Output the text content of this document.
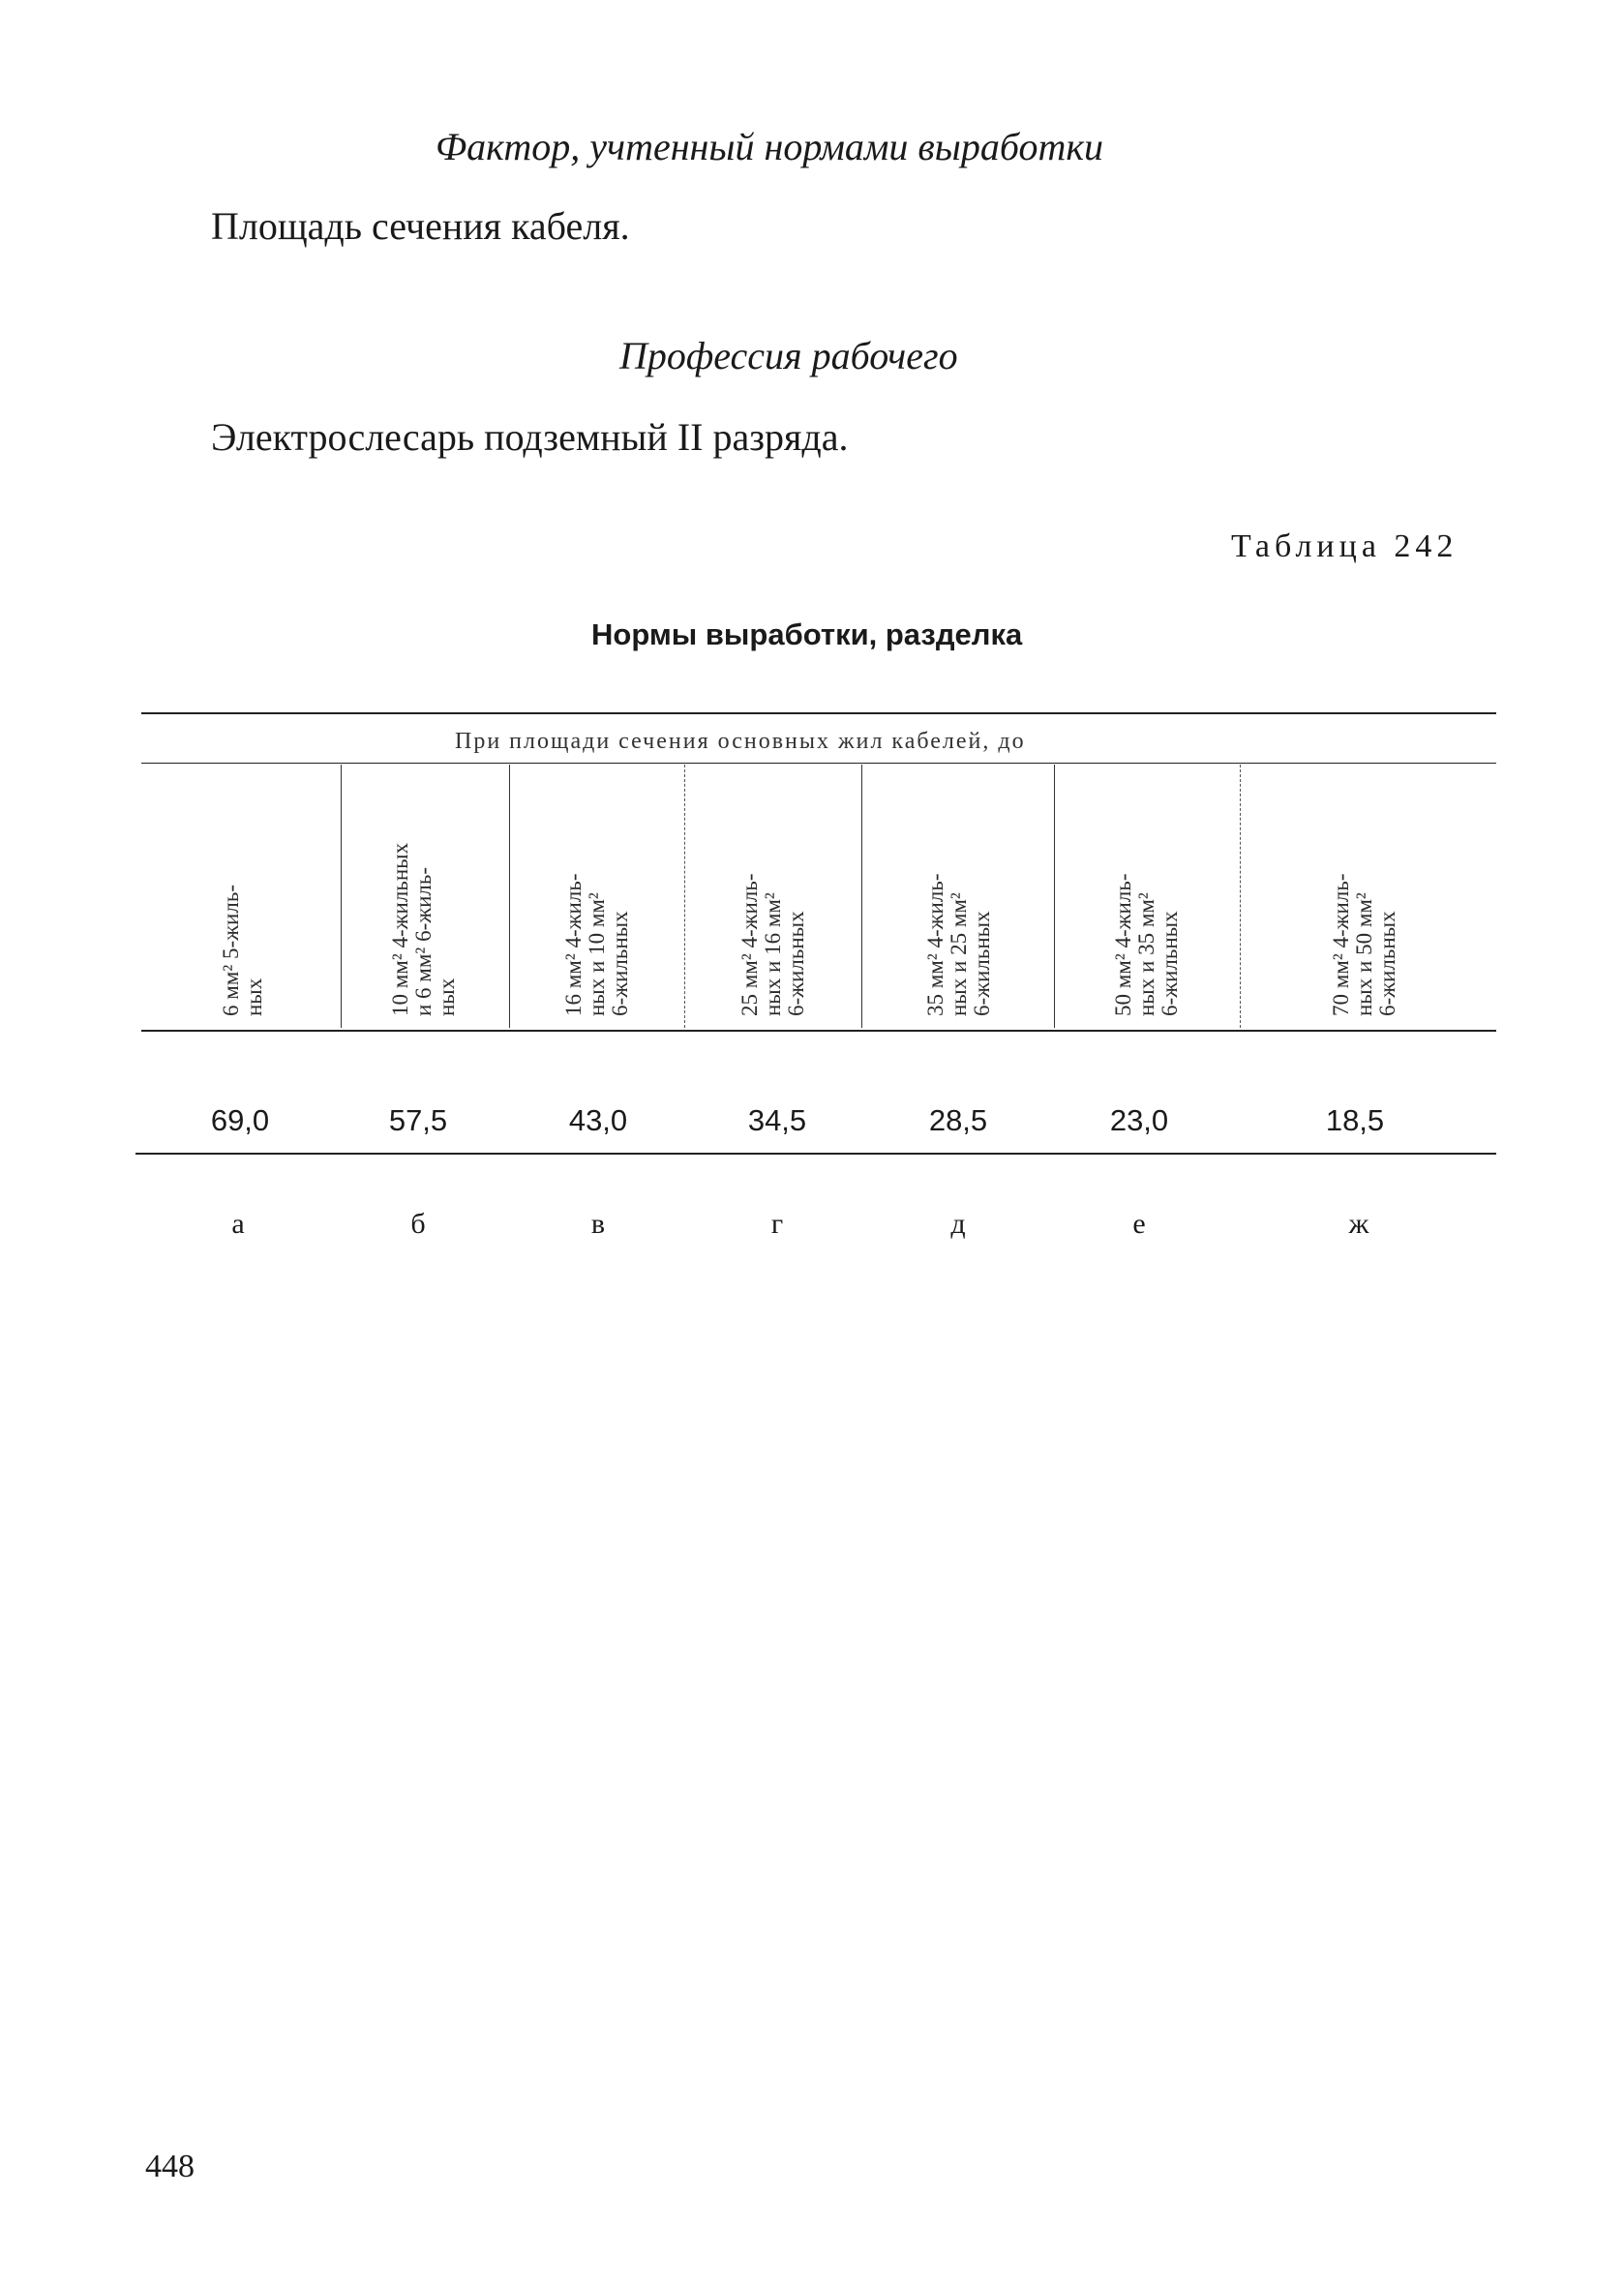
Фактор, учтенный нормами выработки
Площадь сечения кабеля.
Профессия рабочего
Электрослесарь подземный II разряда.
Таблица 242
Нормы выработки, разделка
При площади сечения основных жил кабелей, до
6 мм² 5-жиль- ных	10 мм² 4-жильных и 6 мм² 6-жиль- ных	16 мм² 4-жиль- ных и 10 мм² 6-жильных	25 мм² 4-жиль- ных и 16 мм² 6-жильных	35 мм² 4-жиль- ных и 25 мм² 6-жильных	50 мм² 4-жиль- ных и 35 мм² 6-жильных	70 мм² 4-жиль- ных и 50 мм² 6-жильных
69,0	57,5	43,0	34,5	28,5	23,0	18,5
а	б	в	г	д	е	ж
448
